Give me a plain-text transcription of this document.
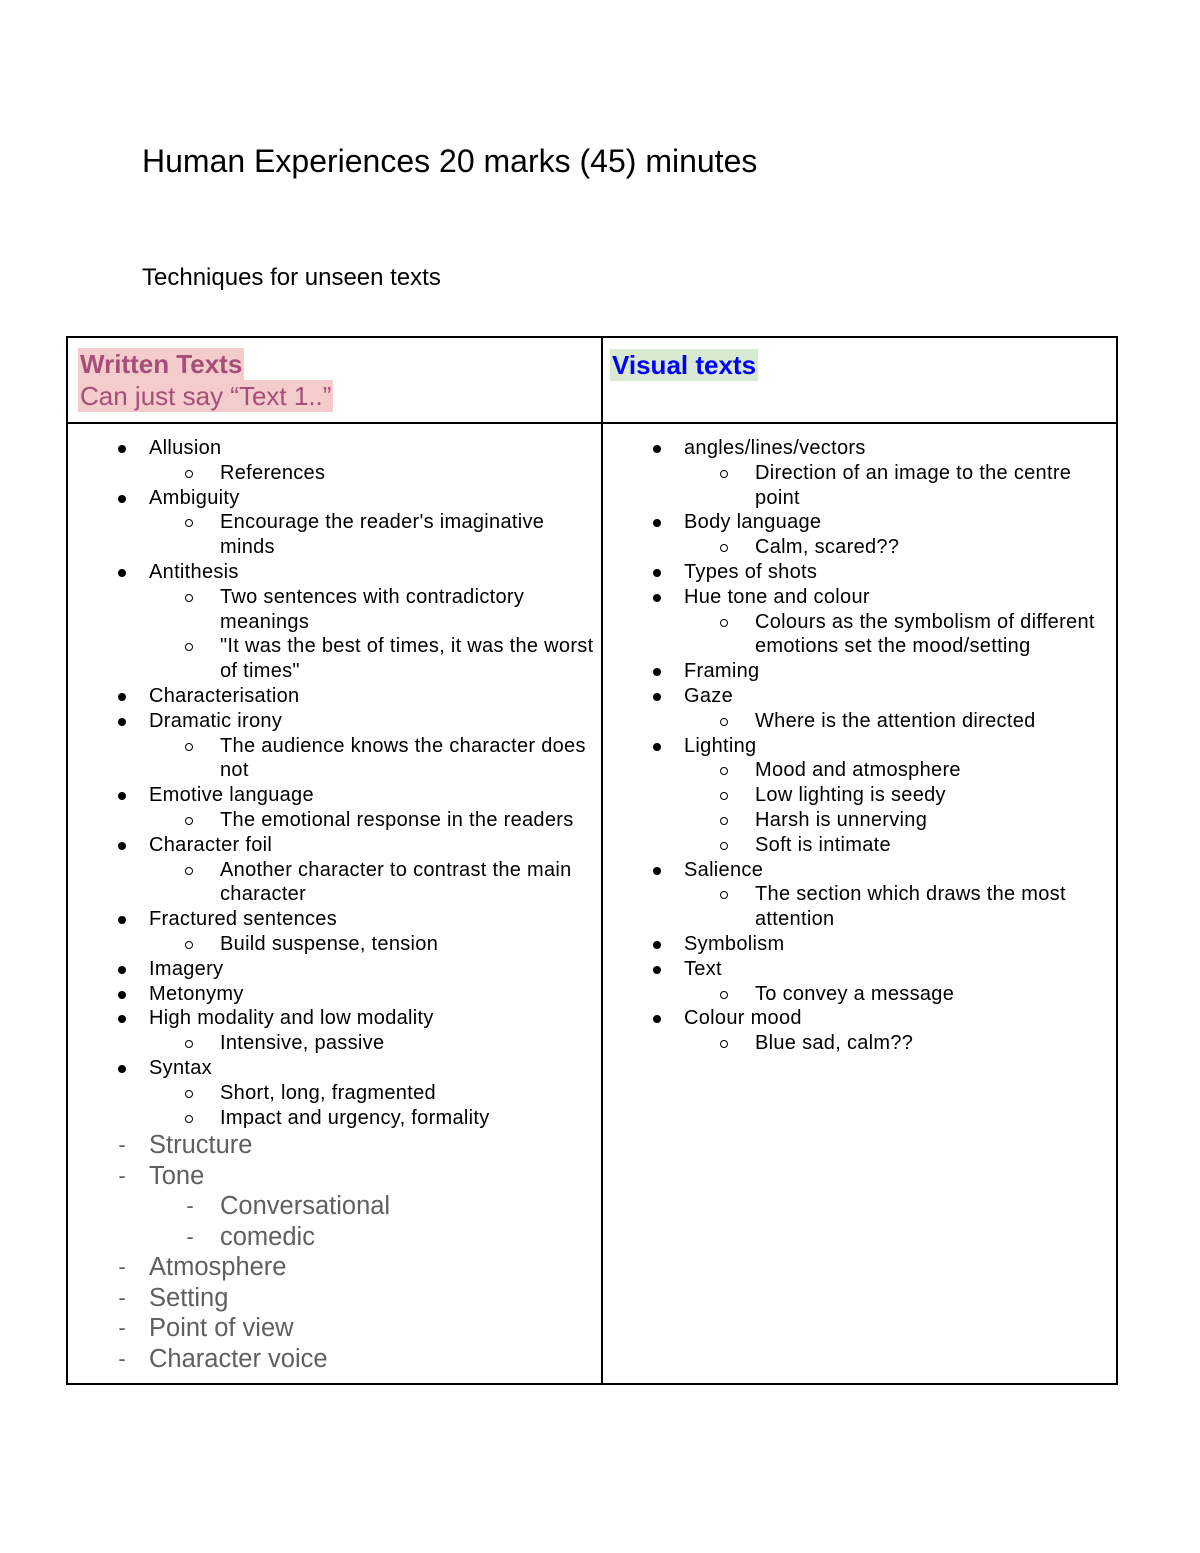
Human Experiences 20 marks (45) minutes
Techniques for unseen texts
Written Texts
Can just say “Text 1..”
Visual texts
Allusion
References
Ambiguity
Encourage the reader's imaginative minds
Antithesis
Two sentences with contradictory meanings
"It was the best of times, it was the worst of times"
Characterisation
Dramatic irony
The audience knows the character does not
Emotive language
The emotional response in the readers
Character foil
Another character to contrast the main character
Fractured sentences
Build suspense, tension
Imagery
Metonymy
High modality and low modality
Intensive, passive
Syntax
Short, long, fragmented
Impact and urgency, formality
- Structure
- Tone
- Conversational
- comedic
- Atmosphere
- Setting
- Point of view
- Character voice
angles/lines/vectors
Direction of an image to the centre point
Body language
Calm, scared??
Types of shots
Hue tone and colour
Colours as the symbolism of different emotions set the mood/setting
Framing
Gaze
Where is the attention directed
Lighting
Mood and atmosphere
Low lighting is seedy
Harsh is unnerving
Soft is intimate
Salience
The section which draws the most attention
Symbolism
Text
To convey a message
Colour mood
Blue sad, calm??
